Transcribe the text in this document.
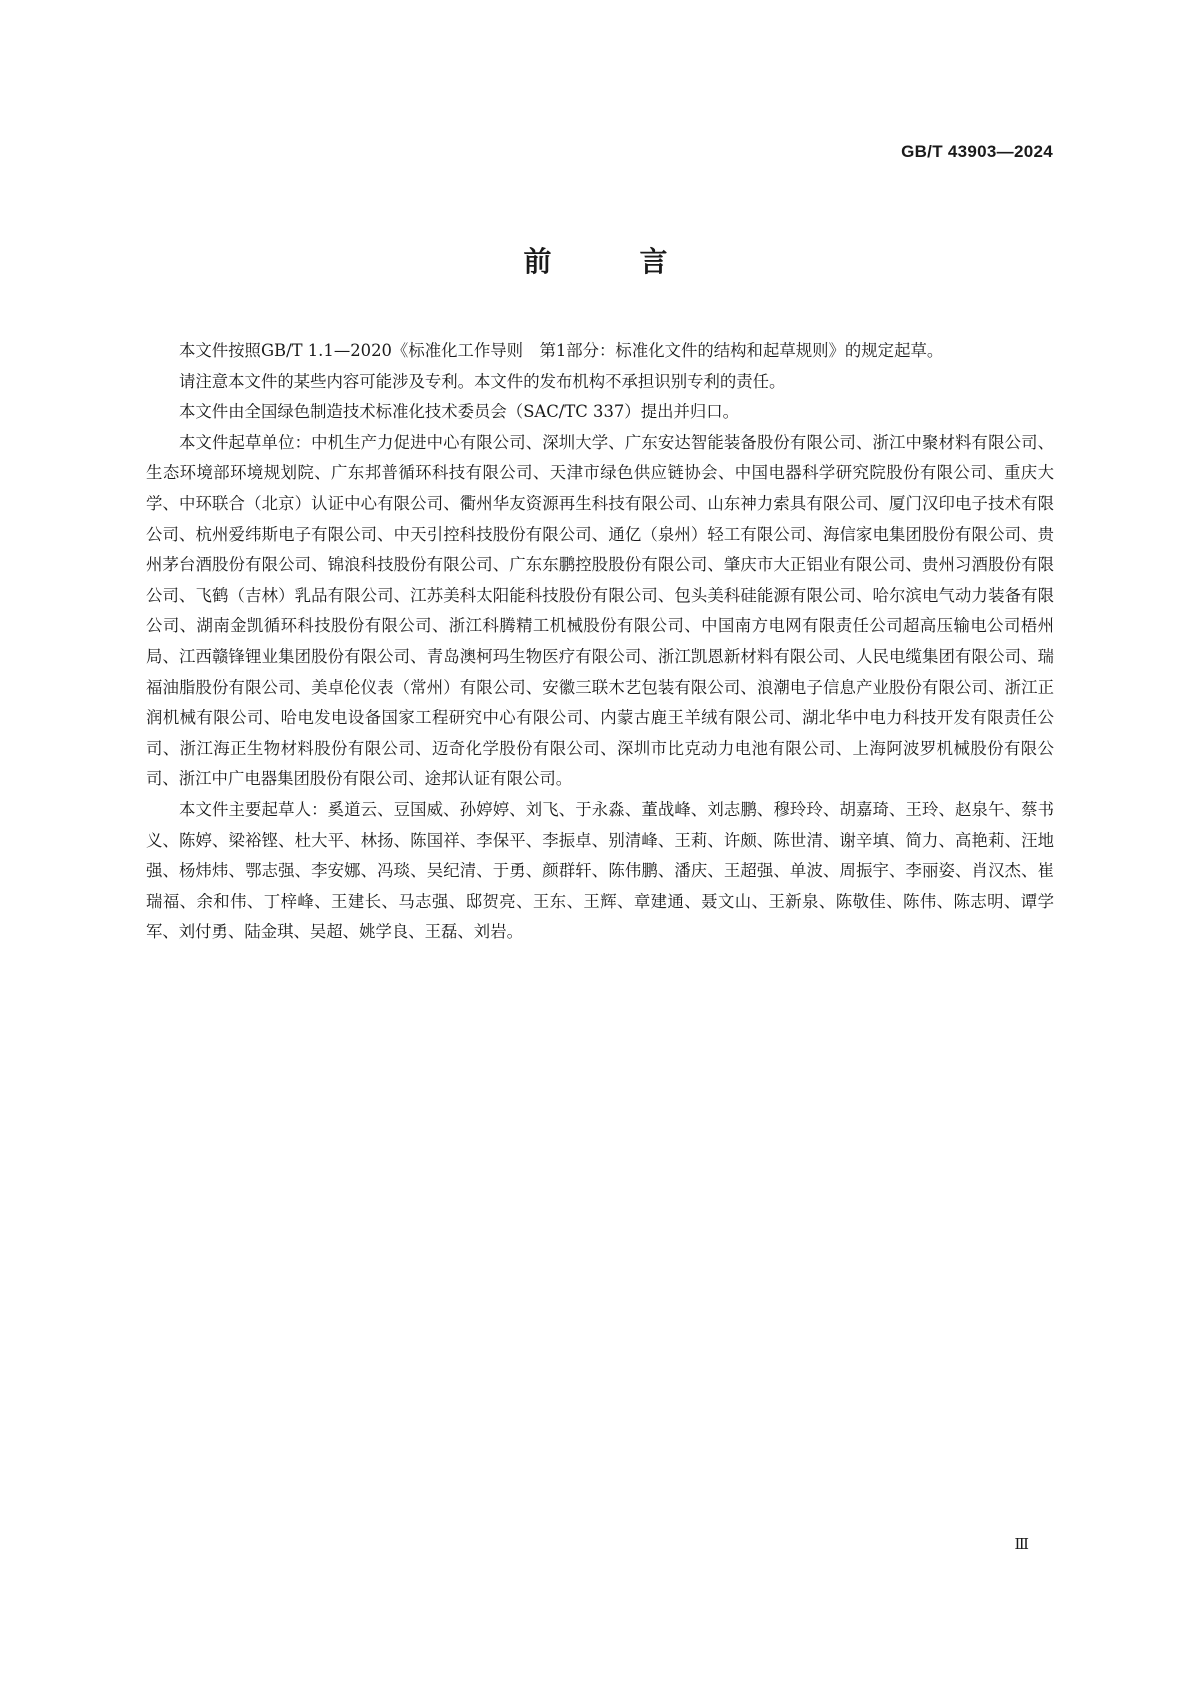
GB/T 43903—2024
前　言

本文件按照GB/T 1.1—2020《标准化工作导则　第1部分：标准化文件的结构和起草规则》的规定起草。

请注意本文件的某些内容可能涉及专利。本文件的发布机构不承担识别专利的责任。

本文件由全国绿色制造技术标准化技术委员会（SAC/TC 337）提出并归口。

本文件起草单位：中机生产力促进中心有限公司、深圳大学、广东安达智能装备股份有限公司、浙江中聚材料有限公司、生态环境部环境规划院、广东邦普循环科技有限公司、天津市绿色供应链协会、中国电器科学研究院股份有限公司、重庆大学、中环联合（北京）认证中心有限公司、衢州华友资源再生科技有限公司、山东神力索具有限公司、厦门汉印电子技术有限公司、杭州爱纬斯电子有限公司、中天引控科技股份有限公司、通亿（泉州）轻工有限公司、海信家电集团股份有限公司、贵州茅台酒股份有限公司、锦浪科技股份有限公司、广东东鹏控股股份有限公司、肇庆市大正铝业有限公司、贵州习酒股份有限公司、飞鹤（吉林）乳品有限公司、江苏美科太阳能科技股份有限公司、包头美科硅能源有限公司、哈尔滨电气动力装备有限公司、湖南金凯循环科技股份有限公司、浙江科腾精工机械股份有限公司、中国南方电网有限责任公司超高压输电公司梧州局、江西赣锋锂业集团股份有限公司、青岛澳柯玛生物医疗有限公司、浙江凯恩新材料有限公司、人民电缆集团有限公司、瑞福油脂股份有限公司、美卓伦仪表（常州）有限公司、安徽三联木艺包装有限公司、浪潮电子信息产业股份有限公司、浙江正润机械有限公司、哈电发电设备国家工程研究中心有限公司、内蒙古鹿王羊绒有限公司、湖北华中电力科技开发有限责任公司、浙江海正生物材料股份有限公司、迈奇化学股份有限公司、深圳市比克动力电池有限公司、上海阿波罗机械股份有限公司、浙江中广电器集团股份有限公司、途邦认证有限公司。

本文件主要起草人：奚道云、豆国威、孙婷婷、刘飞、于永淼、董战峰、刘志鹏、穆玲玲、胡嘉琦、王玲、赵泉午、蔡书义、陈婷、梁裕铿、杜大平、林扬、陈国祥、李保平、李振卓、别清峰、王莉、许颇、陈世清、谢辛填、简力、高艳莉、汪地强、杨炜炜、鄂志强、李安娜、冯琰、吴纪清、于勇、颜群轩、陈伟鹏、潘庆、王超强、单波、周振宇、李丽姿、肖汉杰、崔瑞福、余和伟、丁梓峰、王建长、马志强、邸贺亮、王东、王辉、章建通、聂文山、王新泉、陈敬佳、陈伟、陈志明、谭学军、刘付勇、陆金琪、吴超、姚学良、王磊、刘岩。

Ⅲ
